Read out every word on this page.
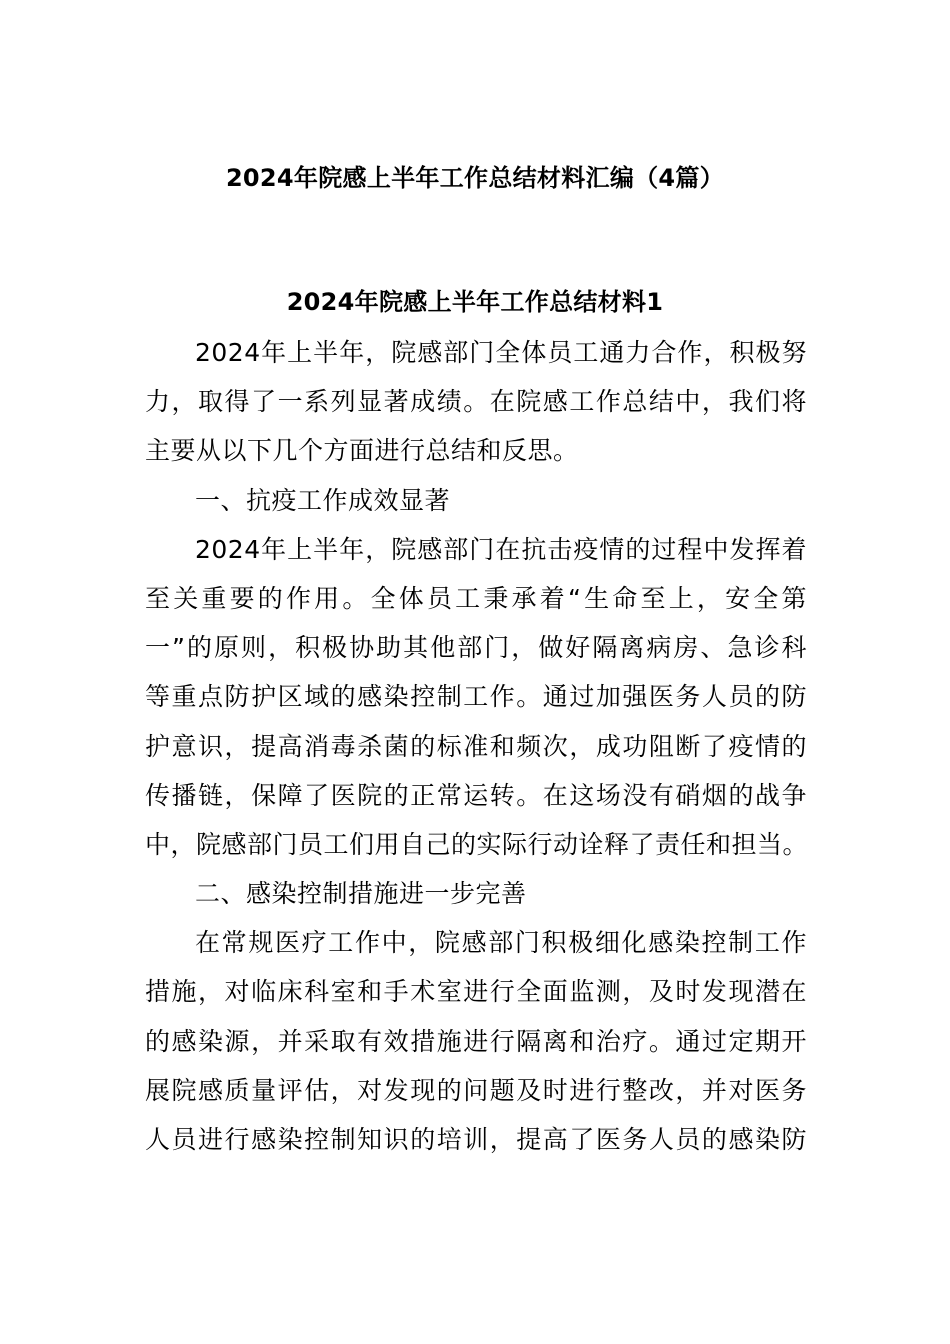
2024年院感上半年工作总结材料汇编（4篇）
2024年院感上半年工作总结材料1
2024年上半年，院感部门全体员工通力合作，积极努
力，取得了一系列显著成绩。在院感工作总结中，我们将
主要从以下几个方面进行总结和反思。
一、抗疫工作成效显著
2024年上半年，院感部门在抗击疫情的过程中发挥着
至关重要的作用。全体员工秉承着“生命至上，安全第
一”的原则，积极协助其他部门，做好隔离病房、急诊科
等重点防护区域的感染控制工作。通过加强医务人员的防
护意识，提高消毒杀菌的标准和频次，成功阻断了疫情的
传播链，保障了医院的正常运转。在这场没有硝烟的战争
中，院感部门员工们用自己的实际行动诠释了责任和担当。
二、感染控制措施进一步完善
在常规医疗工作中，院感部门积极细化感染控制工作
措施，对临床科室和手术室进行全面监测，及时发现潜在
的感染源，并采取有效措施进行隔离和治疗。通过定期开
展院感质量评估，对发现的问题及时进行整改，并对医务
人员进行感染控制知识的培训，提高了医务人员的感染防
